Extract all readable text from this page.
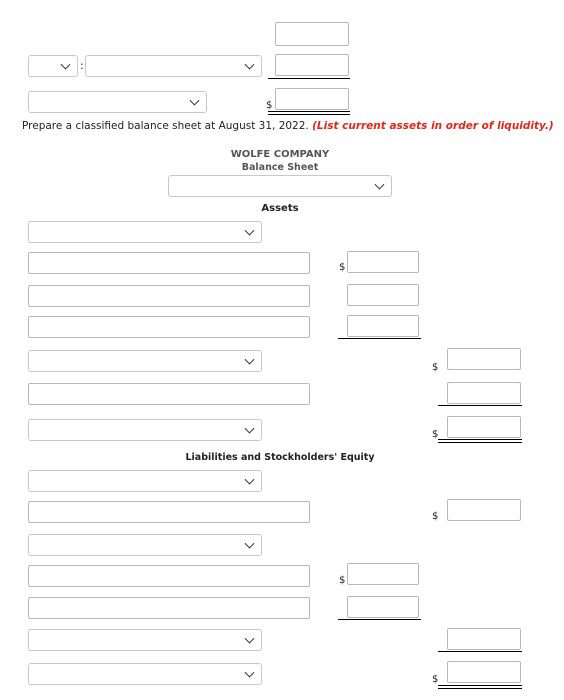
:
$
Prepare a classified balance sheet at August 31, 2022. (List current assets in order of liquidity.)
WOLFE COMPANY
Balance Sheet
Assets
$
$
$
Liabilities and Stockholders' Equity
$
$
$
